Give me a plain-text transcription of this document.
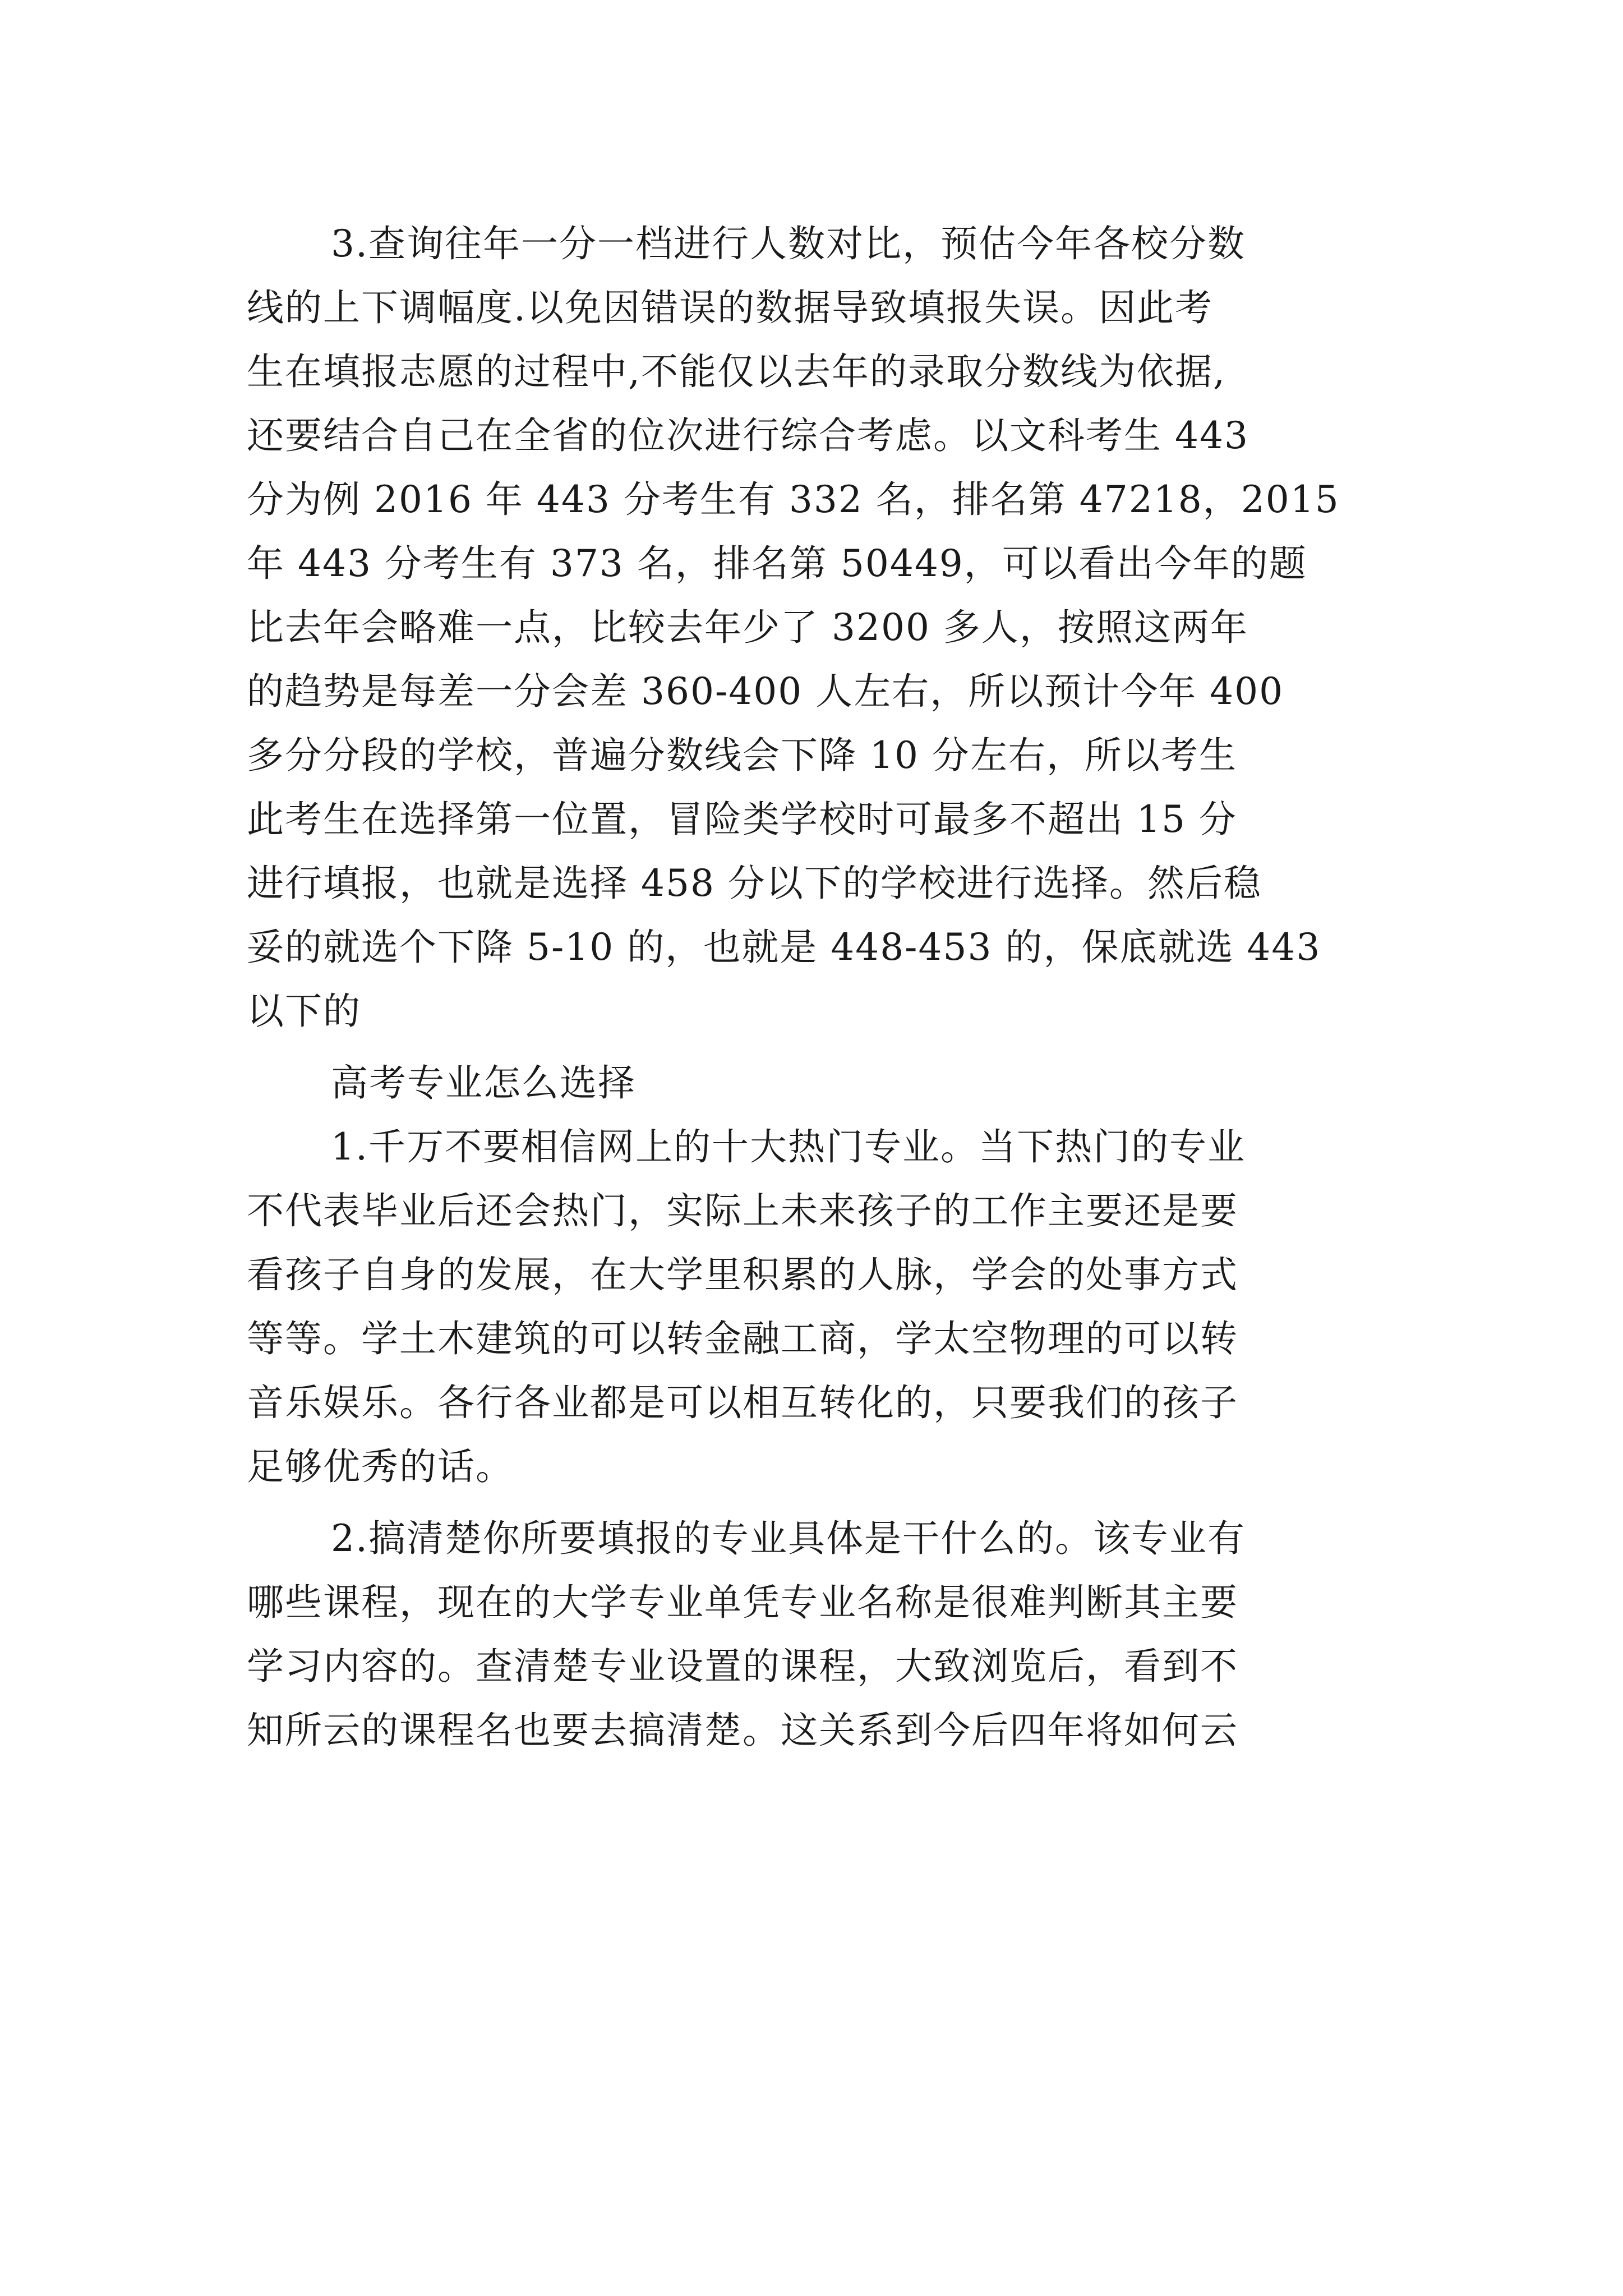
3.查询往年一分一档进行人数对比，预估今年各校分数
线的上下调幅度.以免因错误的数据导致填报失误。因此考
生在填报志愿的过程中,不能仅以去年的录取分数线为依据,
还要结合自己在全省的位次进行综合考虑。以文科考生 443
分为例 2016 年 443 分考生有 332 名，排名第 47218，2015
年 443 分考生有 373 名，排名第 50449，可以看出今年的题
比去年会略难一点，比较去年少了 3200 多人，按照这两年
的趋势是每差一分会差 360-400 人左右，所以预计今年 400
多分分段的学校，普遍分数线会下降 10 分左右，所以考生
此考生在选择第一位置，冒险类学校时可最多不超出 15 分
进行填报，也就是选择 458 分以下的学校进行选择。然后稳
妥的就选个下降 5-10 的，也就是 448-453 的，保底就选 443
以下的
高考专业怎么选择
1.千万不要相信网上的十大热门专业。当下热门的专业
不代表毕业后还会热门，实际上未来孩子的工作主要还是要
看孩子自身的发展，在大学里积累的人脉，学会的处事方式
等等。学土木建筑的可以转金融工商，学太空物理的可以转
音乐娱乐。各行各业都是可以相互转化的，只要我们的孩子
足够优秀的话。
2.搞清楚你所要填报的专业具体是干什么的。该专业有
哪些课程，现在的大学专业单凭专业名称是很难判断其主要
学习内容的。查清楚专业设置的课程，大致浏览后，看到不
知所云的课程名也要去搞清楚。这关系到今后四年将如何云
